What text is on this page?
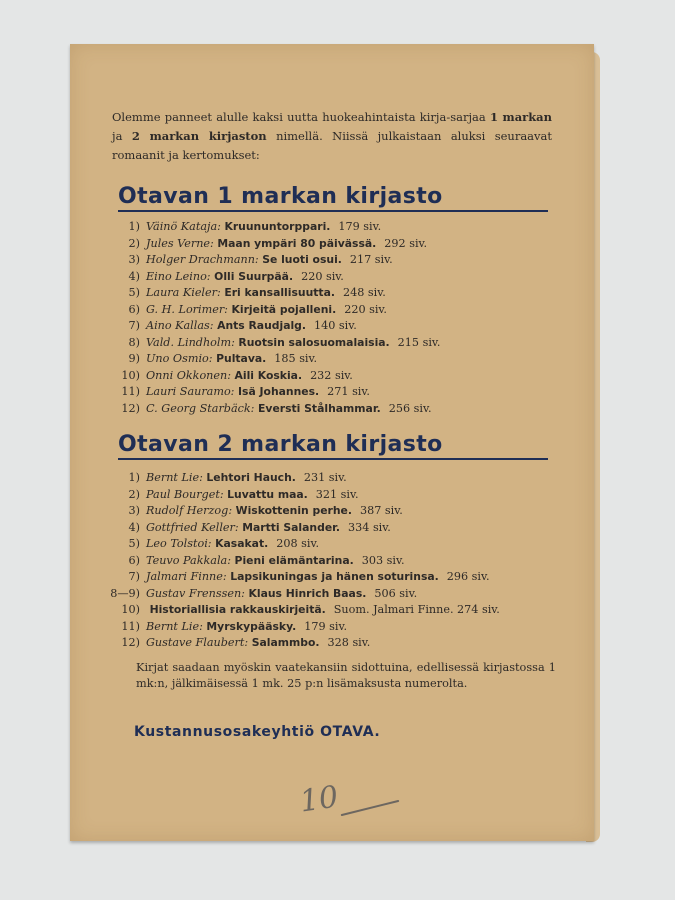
Olemme panneet alulle kaksi uutta huokeahintaista kirja-sarjaa 1 markan ja 2 markan kirjaston nimellä. Niissä julkaistaan aluksi seuraavat romaanit ja kertomukset:

Otavan 1 markan kirjasto
1) Väinö Kataja: Kruununtorppari. 179 siv.
2) Jules Verne: Maan ympäri 80 päivässä. 292 siv.
3) Holger Drachmann: Se luoti osui. 217 siv.
4) Eino Leino: Olli Suurpää. 220 siv.
5) Laura Kieler: Eri kansallisuutta. 248 siv.
6) G. H. Lorimer: Kirjeitä pojalleni. 220 siv.
7) Aino Kallas: Ants Raudjalg. 140 siv.
8) Vald. Lindholm: Ruotsin salosuomalaisia. 215 siv.
9) Uno Osmio: Pultava. 185 siv.
10) Onni Okkonen: Aili Koskia. 232 siv.
11) Lauri Sauramo: Isä Johannes. 271 siv.
12) C. Georg Starbäck: Eversti Stålhammar. 256 siv.
Otavan 2 markan kirjasto
1) Bernt Lie: Lehtori Hauch. 231 siv.
2) Paul Bourget: Luvattu maa. 321 siv.
3) Rudolf Herzog: Wiskottenin perhe. 387 siv.
4) Gottfried Keller: Martti Salander. 334 siv.
5) Leo Tolstoi: Kasakat. 208 siv.
6) Teuvo Pakkala: Pieni elämäntarina. 303 siv.
7) Jalmari Finne: Lapsikuningas ja hänen soturinsa. 296 siv.
8—9) Gustav Frenssen: Klaus Hinrich Baas. 506 siv.
10) Historiallisia rakkauskirjeitä. Suom. Jalmari Finne. 274 siv.
11) Bernt Lie: Myrskypääsky. 179 siv.
12) Gustave Flaubert: Salammbo. 328 siv.

Kirjat saadaan myöskin vaatekansiin sidottuina, edellisessä kirjastossa 1 mk:n, jälkimäisessä 1 mk. 25 p:n lisämaksusta numerolta.

Kustannusosakeyhtiö OTAVA.
10
